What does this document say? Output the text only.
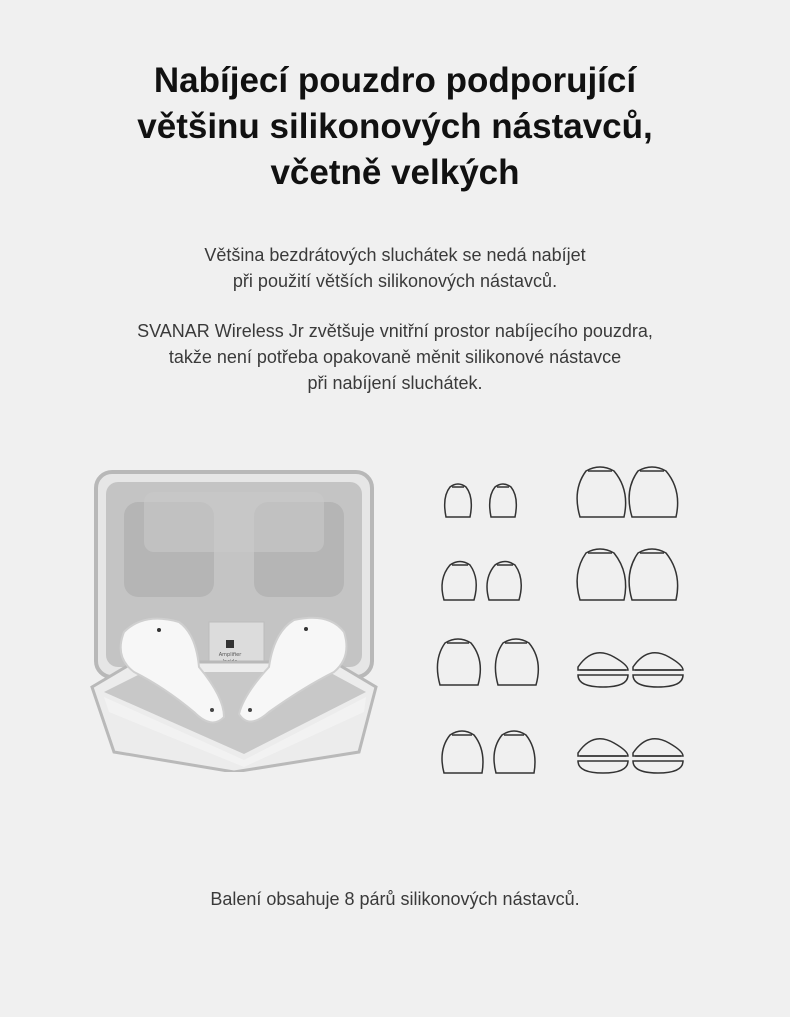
Nabíjecí pouzdro podporující
většinu silikonových nástavců,
včetně velkých

Většina bezdrátových sluchátek se nedá nabíjet
při použití větších silikonových nástavců.

SVANAR Wireless Jr zvětšuje vnitřní prostor nabíjecího pouzdra,
takže není potřeba opakovaně měnit silikonové nástavce
při nabíjení sluchátek.

Amplifier

Balení obsahuje 8 párů silikonových nástavců.
